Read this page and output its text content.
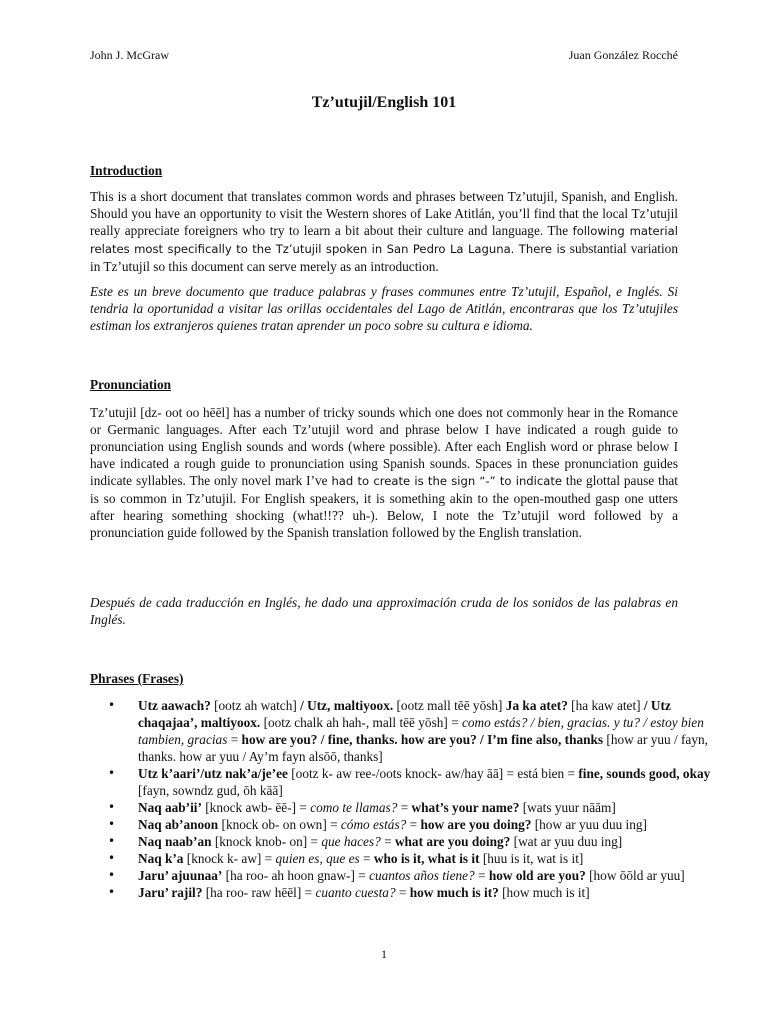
John J. McGraw	Juan González Rocché
Tz’utujil/English 101
Introduction

This is a short document that translates common words and phrases between Tz’utujil, Spanish, and English. Should you have an opportunity to visit the Western shores of Lake Atitlán, you’ll find that the local Tz’utujil really appreciate foreigners who try to learn a bit about their culture and language. The following material relates most specifically to the Tz’utujil spoken in San Pedro La Laguna. There is substantial variation in Tz’utujil so this document can serve merely as an introduction.

Este es un breve documento que traduce palabras y frases communes entre Tz’utujil, Español, e Inglés. Si tendria la oportunidad a visitar las orillas occidentales del Lago de Atitlán, encontraras que los Tz’utujiles estiman los extranjeros quienes tratan aprender un poco sobre su cultura e idioma.

Pronunciation

Tz’utujil [dz- oot oo hēēl] has a number of tricky sounds which one does not commonly hear in the Romance or Germanic languages. After each Tz’utujil word and phrase below I have indicated a rough guide to pronunciation using English sounds and words (where possible). After each English word or phrase below I have indicated a rough guide to pronunciation using Spanish sounds. Spaces in these pronunciation guides indicate syllables. The only novel mark I’ve had to create is the sign “-” to indicate the glottal pause that is so common in Tz’utujil. For English speakers, it is something akin to the open-mouthed gasp one utters after hearing something shocking (what!!?? uh-). Below, I note the Tz’utujil word followed by a pronunciation guide followed by the Spanish translation followed by the English translation.

Después de cada traducción en Inglés, he dado una approximación cruda de los sonidos de las palabras en Inglés.

Phrases (Frases)
• Utz aawach? [ootz ah watch] / Utz, maltiyoox. [ootz mall tēē yōsh] Ja ka atet? [ha kaw atet] / Utz chaqajaa’, maltiyoox. [ootz chalk ah hah-, mall tēē yōsh] = como estás? / bien, gracias. y tu? / estoy bien tambien, gracias = how are you? / fine, thanks. how are you? / I’m fine also, thanks [how ar yuu / fayn, thanks. how ar yuu / Ay’m fayn alsōō, thanks]
• Utz k’aari’/utz nak’a/je’ee [ootz k- aw ree-/oots knock- aw/hay āā] = está bien = fine, sounds good, okay [fayn, sowndz gud, ōh kāā]
• Naq aab’ii’ [knock awb- ēē-] = como te llamas? = what’s your name? [wats yuur nāām]
• Naq ab’anoon [knock ob- on own] = cómo estás? = how are you doing? [how ar yuu duu ing]
• Naq naab’an [knock knob- on] = que haces? = what are you doing? [wat ar yuu duu ing]
• Naq k’a [knock k- aw] = quien es, que es = who is it, what is it [huu is it, wat is it]
• Jaru’ ajuunaa’ [ha roo- ah hoon gnaw-] = cuantos años tiene? = how old are you? [how ōōld ar yuu]
• Jaru’ rajil? [ha roo- raw hēēl] = cuanto cuesta? = how much is it? [how much is it]
1
